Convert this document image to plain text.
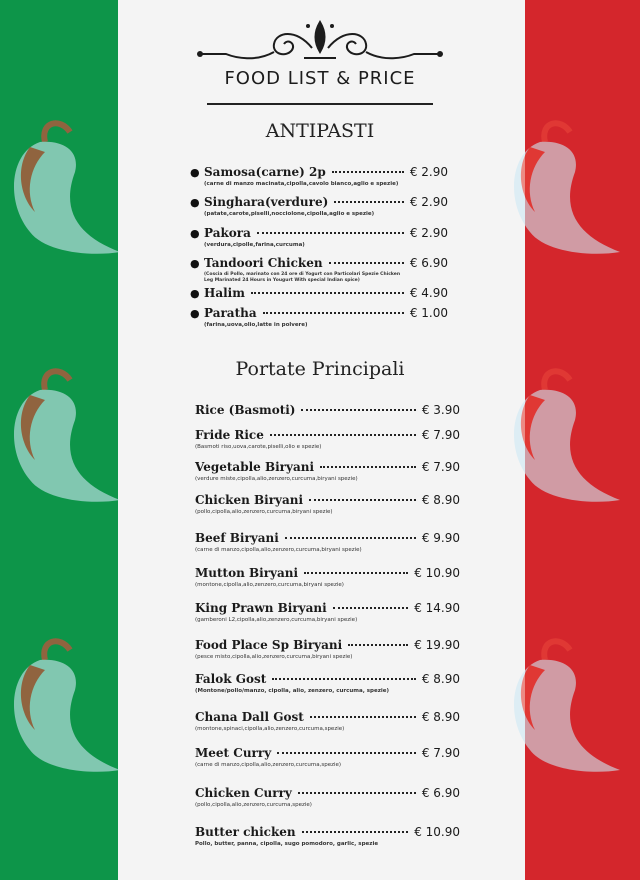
FOOD LIST & PRICE
ANTIPASTI
● Samosa(carne) 2p	€ 2.90
(carne di manzo macinata,cipolla,cavolo bianco,aglio e spezie)
● Singhara(verdure)	€ 2.90
(patate,carote,piselli,nocciolone,cipolla,aglio e spezie)
● Pakora	€ 2.90
(verdura,cipolle,farina,curcuma)
● Tandoori Chicken	€ 6.90
(Coscia di Pollo, marinato con 24 ore di Yogurt con Particolari Spezie Chicken Leg Marinated 24 Hours in Yougurt With special Indian spice)
● Halim	€ 4.90
● Paratha	€ 1.00
(farina,uova,olio,latte in polvere)
Portate Principali
Rice (Basmoti)	€ 3.90
Fride Rice	€ 7.90
(Basmoti riso,uova,carote,piselli,olio e spezie)
Vegetable Biryani	€ 7.90
(verdure miste,cipolla,alio,zenzero,curcuma,biryani spezie)
Chicken Biryani	€ 8.90
(pollo,cipolla,alio,zenzero,curcuma,biryani spezie)
Beef Biryani	€ 9.90
(carne di manzo,cipolla,alio,zenzero,curcuma,biryani spezie)
Mutton Biryani	€ 10.90
(montone,cipolla,alio,zenzero,curcuma,biryani spezie)
King Prawn Biryani	€ 14.90
(gamberoni L2,cipolla,alio,zenzero,curcuma,biryani spezie)
Food Place Sp Biryani	€ 19.90
(pesce misto,cipolla,alio,zenzero,curcuma,biryani spezie)
Falok Gost	€ 8.90
(Montone/pollo/manzo, cipolla, alio, zenzero, curcuma, spezie)
Chana Dall Gost	€ 8.90
(montone,spinaci,cipolla,alio,zenzero,curcuma,spezie)
Meet Curry	€ 7.90
(carne di manzo,cipolla,alio,zenzero,curcuma,spezie)
Chicken Curry	€ 6.90
(pollo,cipolla,alio,zenzero,curcuma,spezie)
Butter chicken	€ 10.90
Pollo, butter, panna, cipolla, sugo pomodoro, garlic, spezie
